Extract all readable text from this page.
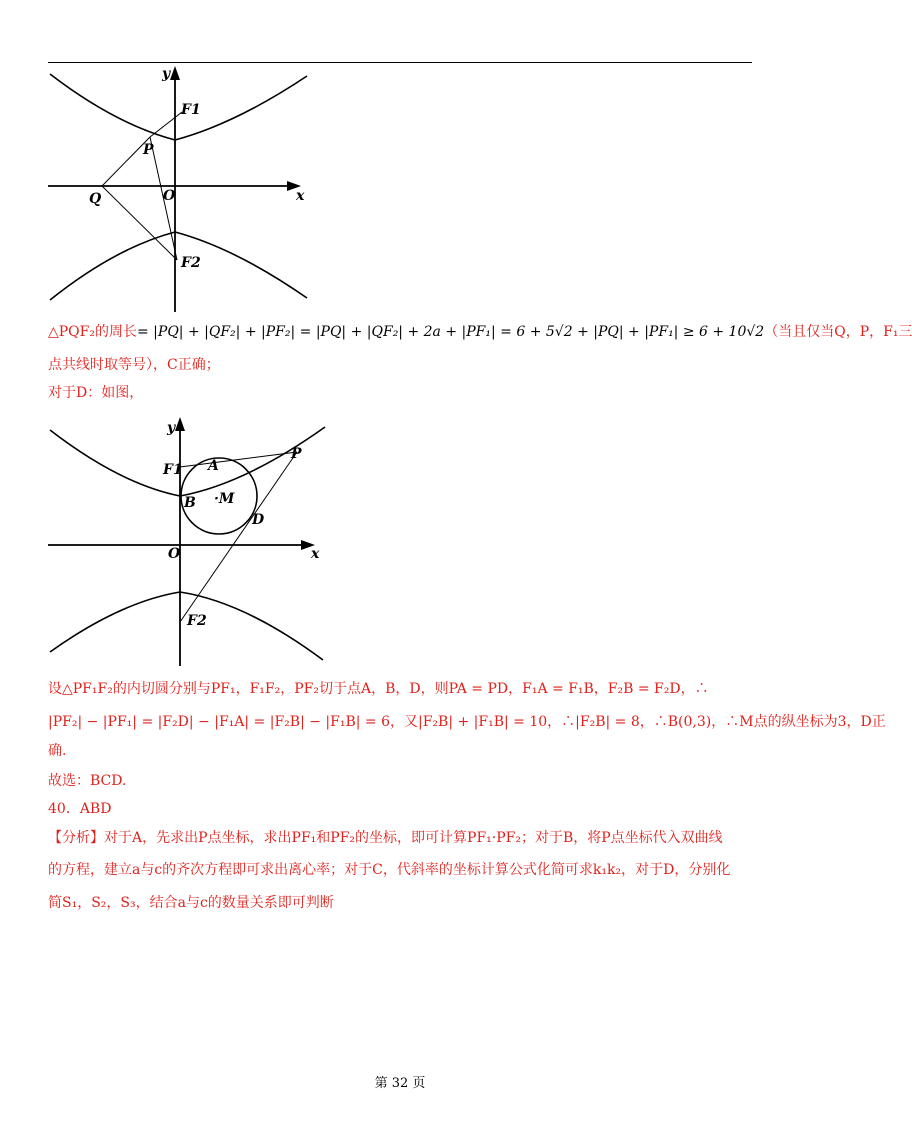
y
F1
P
O
Q	x
F2
△PQF₂的周长= |PQ| + |QF₂| + |PF₂| = |PQ| + |QF₂| + 2a + |PF₁| = 6 + 5√2 + |PQ| + |PF₁| ≥ 6 + 10√2（当且仅当Q，P，F₁三
点共线时取等号），C正确；
对于D：如图，
y
P
A
F1
·M
B
D
O	x
F2
设△PF₁F₂的内切圆分别与PF₁，F₁F₂，PF₂切于点A，B，D，则PA = PD，F₁A = F₁B，F₂B = F₂D，∴
|PF₂| − |PF₁| = |F₂D| − |F₁A| = |F₂B| − |F₁B| = 6，又|F₂B| + |F₁B| = 10，∴|F₂B| = 8，∴B(0,3)，∴M点的纵坐标为3，D正
确.
故选：BCD.
40．ABD
【分析】对于A，先求出P点坐标，求出PF₁和PF₂的坐标，即可计算PF₁·PF₂；对于B，将P点坐标代入双曲线
的方程，建立a与c的齐次方程即可求出离心率；对于C，代斜率的坐标计算公式化简可求k₁k₂，对于D，分别化
简S₁，S₂，S₃，结合a与c的数量关系即可判断
第 32 页
